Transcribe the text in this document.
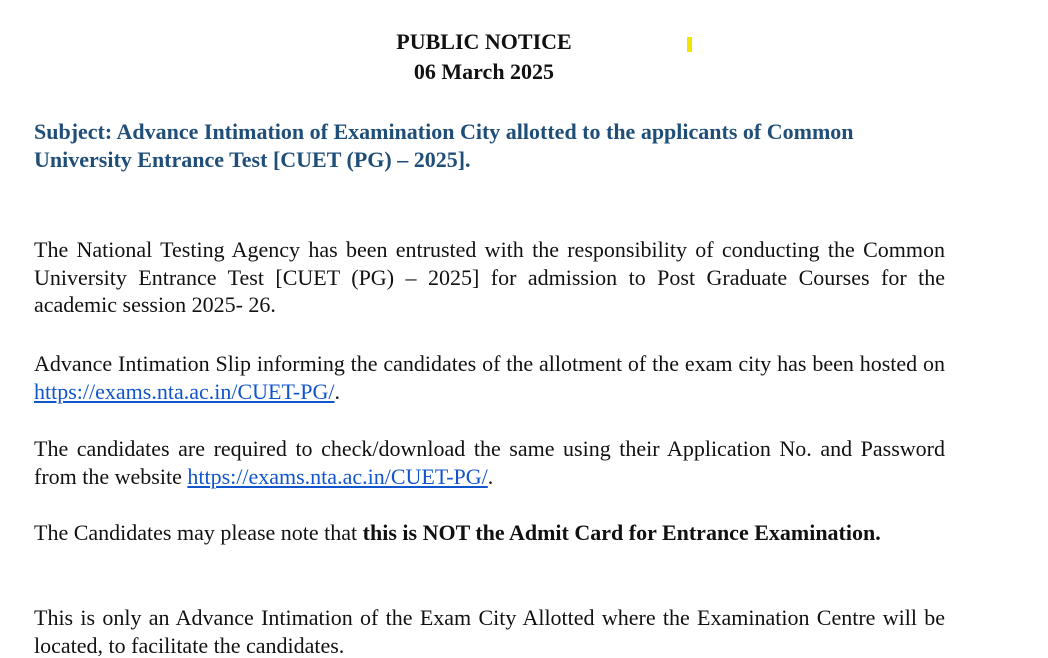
PUBLIC NOTICE
06 March 2025

Subject: Advance Intimation of Examination City allotted to the applicants of Common University Entrance Test [CUET (PG) – 2025].

The National Testing Agency has been entrusted with the responsibility of conducting the Common University Entrance Test [CUET (PG) – 2025] for admission to Post Graduate Courses for the academic session 2025- 26.

Advance Intimation Slip informing the candidates of the allotment of the exam city has been hosted on https://exams.nta.ac.in/CUET-PG/.

The candidates are required to check/download the same using their Application No. and Password from the website https://exams.nta.ac.in/CUET-PG/.

The Candidates may please note that this is NOT the Admit Card for Entrance Examination.

This is only an Advance Intimation of the Exam City Allotted where the Examination Centre will be located, to facilitate the candidates.
